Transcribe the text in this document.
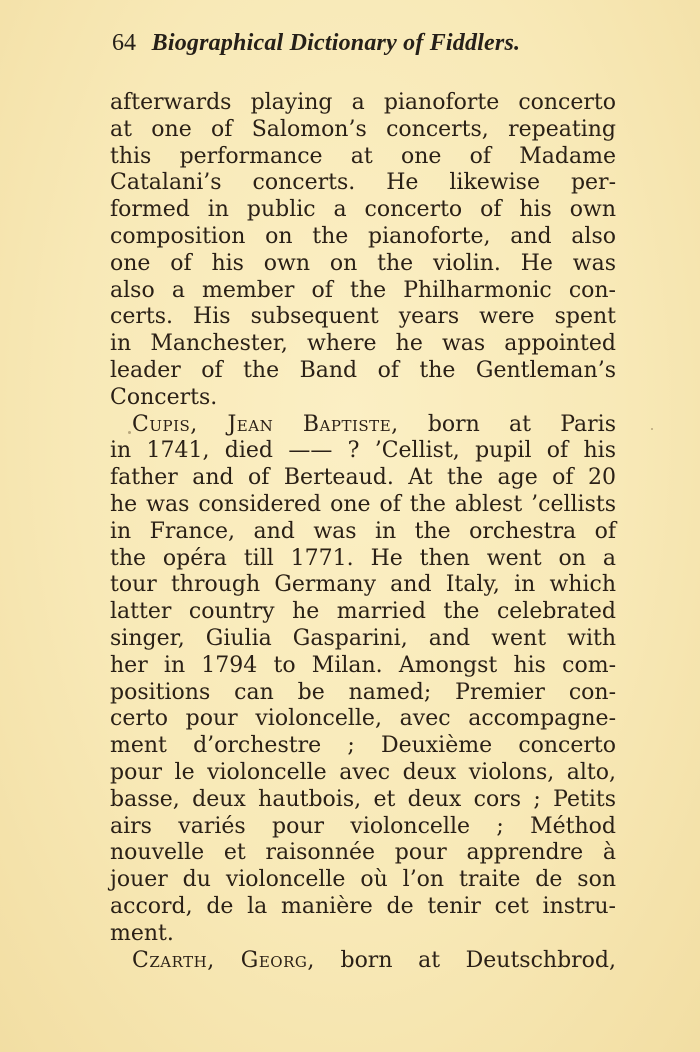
64 Biographical Dictionary of Fiddlers.
afterwards playing a pianoforte concerto
at one of Salomon’s concerts, repeating
this performance at one of Madame
Catalani’s concerts. He likewise per-
formed in public a concerto of his own
composition on the pianoforte, and also
one of his own on the violin. He was
also a member of the Philharmonic con-
certs. His subsequent years were spent
in Manchester, where he was appointed
leader of the Band of the Gentleman’s
Concerts.
Cupis, Jean Baptiste, born at Paris
in 1741, died —— ? ’Cellist, pupil of his
father and of Berteaud. At the age of 20
he was considered one of the ablest ’cellists
in France, and was in the orchestra of
the opéra till 1771. He then went on a
tour through Germany and Italy, in which
latter country he married the celebrated
singer, Giulia Gasparini, and went with
her in 1794 to Milan. Amongst his com-
positions can be named; Premier con-
certo pour violoncelle, avec accompagne-
ment d’orchestre ; Deuxième concerto
pour le violoncelle avec deux violons, alto,
basse, deux hautbois, et deux cors ; Petits
airs variés pour violoncelle ; Méthod
nouvelle et raisonnée pour apprendre à
jouer du violoncelle où l’on traite de son
accord, de la manière de tenir cet instru-
ment.
Czarth, Georg, born at Deutschbrod,
